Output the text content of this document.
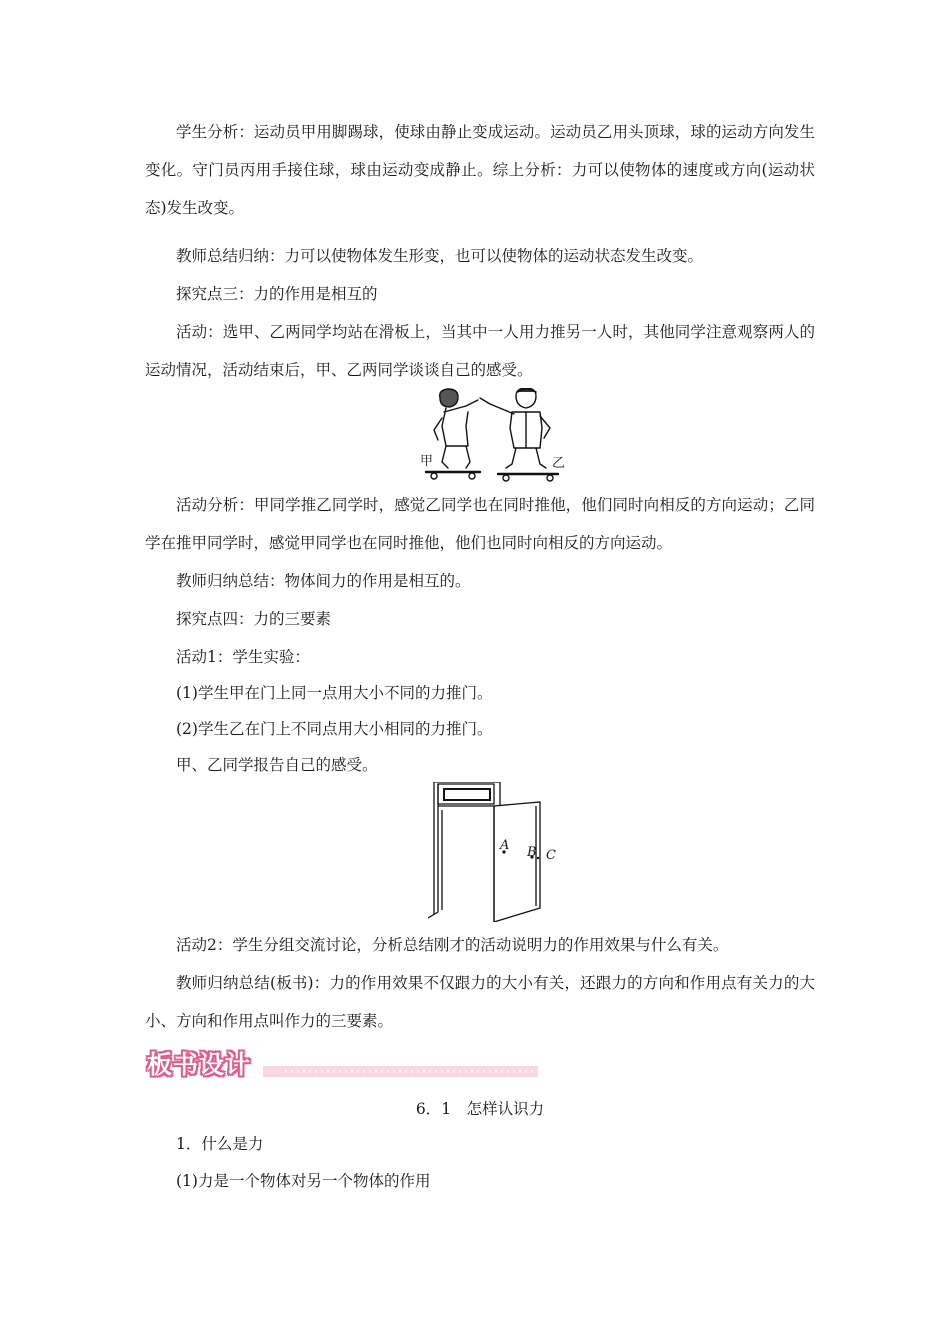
学生分析：运动员甲用脚踢球，使球由静止变成运动。运动员乙用头顶球，球的运动方向发生变化。守门员丙用手接住球，球由运动变成静止。综上分析：力可以使物体的速度或方向(运动状态)发生改变。

教师总结归纳：力可以使物体发生形变，也可以使物体的运动状态发生改变。

探究点三：力的作用是相互的

活动：选甲、乙两同学均站在滑板上，当其中一人用力推另一人时，其他同学注意观察两人的运动情况，活动结束后，甲、乙两同学谈谈自己的感受。

甲	乙

活动分析：甲同学推乙同学时，感觉乙同学也在同时推他，他们同时向相反的方向运动；乙同学在推甲同学时，感觉甲同学也在同时推他，他们也同时向相反的方向运动。

教师归纳总结：物体间力的作用是相互的。

探究点四：力的三要素

活动1：学生实验：

(1)学生甲在门上同一点用大小不同的力推门。

(2)学生乙在门上不同点用大小相同的力推门。

甲、乙同学报告自己的感受。

A B C

活动2：学生分组交流讨论，分析总结刚才的活动说明力的作用效果与什么有关。

教师归纳总结(板书)：力的作用效果不仅跟力的大小有关，还跟力的方向和作用点有关力的大小、方向和作用点叫作力的三要素。

板书设计
6．1　怎样认识力

1．什么是力

(1)力是一个物体对另一个物体的作用
